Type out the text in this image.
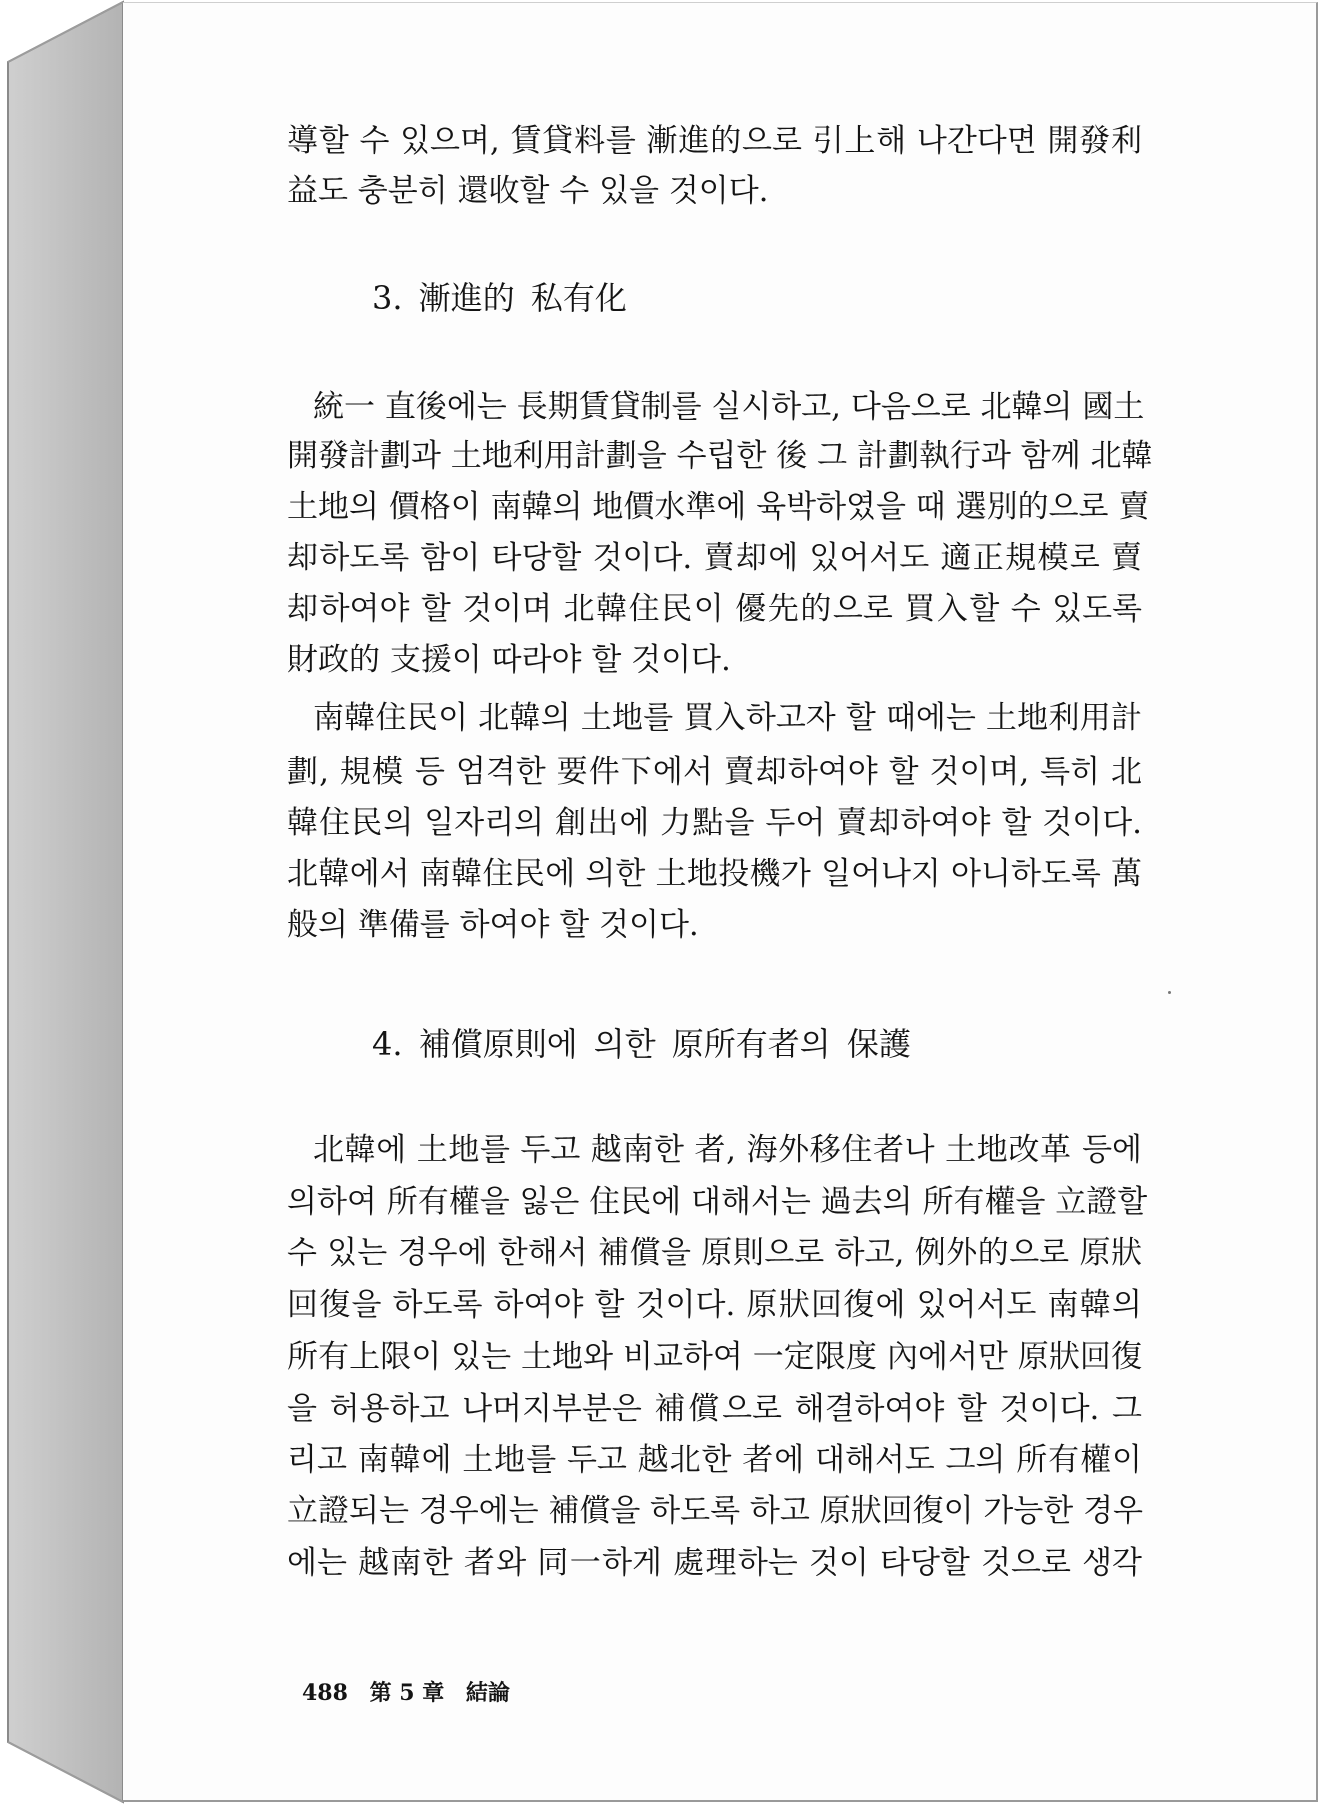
導할 수 있으며, 賃貸料를 漸進的으로 引上해 나간다면 開發利
益도 충분히 還收할 수 있을 것이다.
3. 漸進的 私有化
統一 直後에는 長期賃貸制를 실시하고, 다음으로 北韓의 國土
開發計劃과 土地利用計劃을 수립한 後 그 計劃執行과 함께 北韓
土地의 價格이 南韓의 地價水準에 육박하였을 때 選別的으로 賣
却하도록 함이 타당할 것이다. 賣却에 있어서도 適正規模로 賣
却하여야 할 것이며 北韓住民이 優先的으로 買入할 수 있도록
財政的 支援이 따라야 할 것이다.
南韓住民이 北韓의 土地를 買入하고자 할 때에는 土地利用計
劃, 規模 등 엄격한 要件下에서 賣却하여야 할 것이며, 특히 北
韓住民의 일자리의 創出에 力點을 두어 賣却하여야 할 것이다.
北韓에서 南韓住民에 의한 土地投機가 일어나지 아니하도록 萬
般의 準備를 하여야 할 것이다.
4. 補償原則에 의한 原所有者의 保護
北韓에 土地를 두고 越南한 者, 海外移住者나 土地改革 등에
의하여 所有權을 잃은 住民에 대해서는 過去의 所有權을 立證할
수 있는 경우에 한해서 補償을 原則으로 하고, 例外的으로 原狀
回復을 하도록 하여야 할 것이다. 原狀回復에 있어서도 南韓의
所有上限이 있는 土地와 비교하여 一定限度 內에서만 原狀回復
을 허용하고 나머지부분은 補償으로 해결하여야 할 것이다. 그
리고 南韓에 土地를 두고 越北한 者에 대해서도 그의 所有權이
立證되는 경우에는 補償을 하도록 하고 原狀回復이 가능한 경우
에는 越南한 者와 同一하게 處理하는 것이 타당할 것으로 생각
488 第 5 章 結論
